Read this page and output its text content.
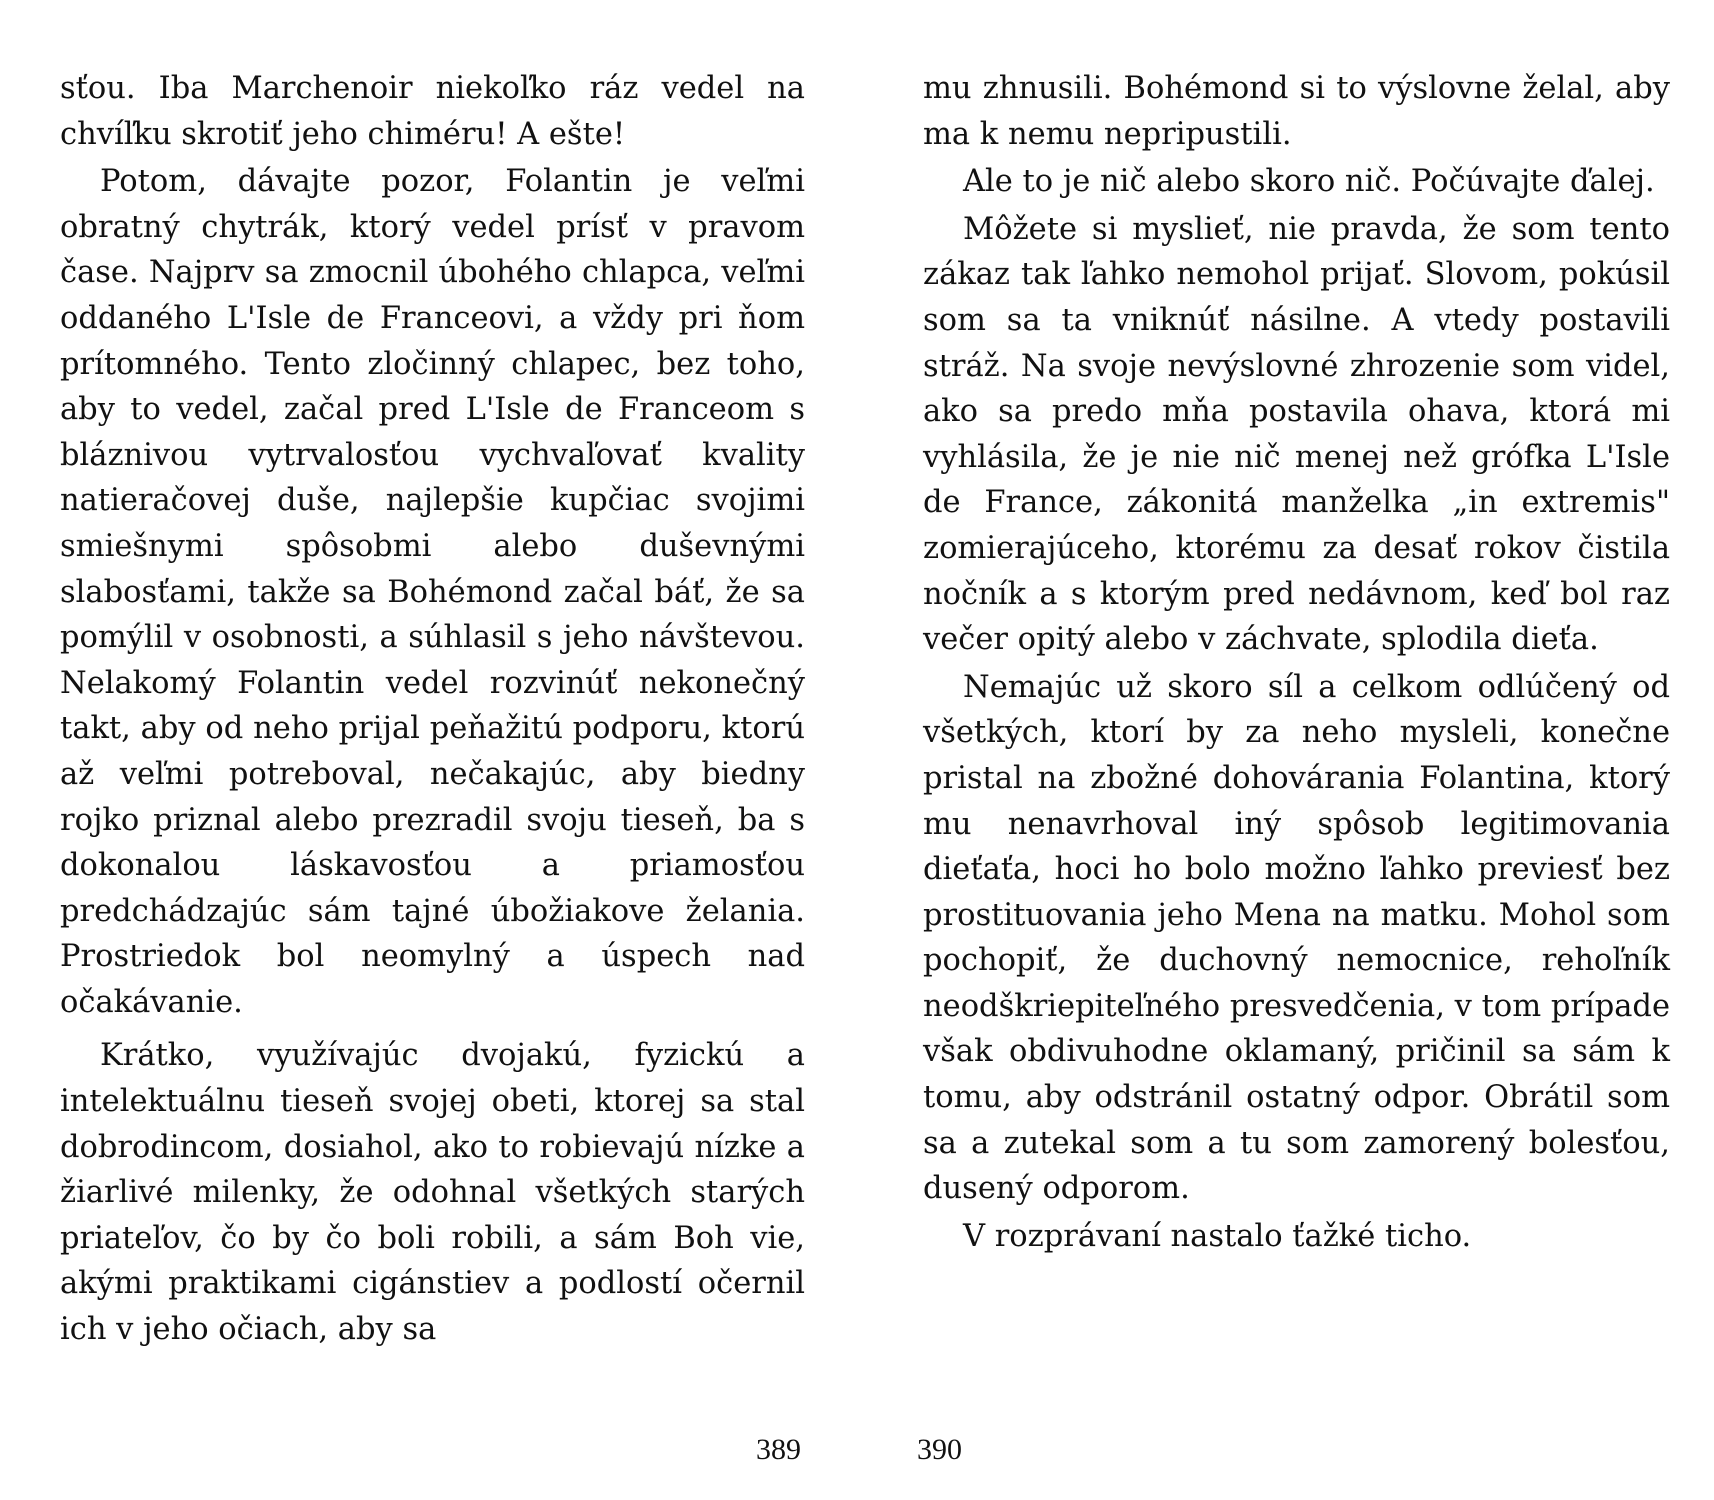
sťou. Iba Marchenoir niekoľko ráz vedel na chvíľku skrotiť jeho chiméru! A ešte!

Potom, dávajte pozor, Folantin je veľmi obratný chytrák, ktorý vedel prísť v pravom čase. Najprv sa zmocnil úbohého chlapca, veľmi oddaného L'Isle de Franceovi, a vždy pri ňom prítomného. Tento zločinný chlapec, bez toho, aby to vedel, začal pred L'Isle de Franceom s bláznivou vytrvalosťou vychvaľovať kvality natieračovej duše, najlepšie kupčiac svojimi smiešnymi spôsobmi alebo duševnými slabosťami, takže sa Bohémond začal báť, že sa pomýlil v osobnosti, a súhlasil s jeho návštevou. Nelakomý Folantin vedel rozvinúť nekonečný takt, aby od neho prijal peňažitú podporu, ktorú až veľmi potreboval, nečakajúc, aby biedny rojko priznal alebo prezradil svoju tieseň, ba s dokonalou láskavosťou a priamosťou predchádzajúc sám tajné úbožiakove želania. Prostriedok bol neomylný a úspech nad očakávanie.

Krátko, využívajúc dvojakú, fyzickú a intelektuálnu tieseň svojej obeti, ktorej sa stal dobrodincom, dosiahol, ako to robievajú nízke a žiarlivé milenky, že odohnal všetkých starých priateľov, čo by čo boli robili, a sám Boh vie, akými praktikami cigánstiev a podlostí očernil ich v jeho očiach, aby sa

389

mu zhnusili. Bohémond si to výslovne želal, aby ma k nemu nepripustili.

Ale to je nič alebo skoro nič. Počúvajte ďalej.

Môžete si myslieť, nie pravda, že som tento zákaz tak ľahko nemohol prijať. Slovom, pokúsil som sa ta vniknúť násilne. A vtedy postavili stráž. Na svoje nevýslovné zhrozenie som videl, ako sa predo mňa postavila ohava, ktorá mi vyhlásila, že je nie nič menej než grófka L'Isle de France, zákonitá manželka „in extremis" zomierajúceho, ktorému za desať rokov čistila nočník a s ktorým pred nedávnom, keď bol raz večer opitý alebo v záchvate, splodila dieťa.

Nemajúc už skoro síl a celkom odlúčený od všetkých, ktorí by za neho mysleli, konečne pristal na zbožné dohovárania Folantina, ktorý mu nenavrhoval iný spôsob legitimovania dieťaťa, hoci ho bolo možno ľahko previesť bez prostituovania jeho Mena na matku. Mohol som pochopiť, že duchovný nemocnice, rehoľník neodškriepiteľného presvedčenia, v tom prípade však obdivuhodne oklamaný, pričinil sa sám k tomu, aby odstránil ostatný odpor. Obrátil som sa a zutekal som a tu som zamorený bolesťou, dusený odporom.

V rozprávaní nastalo ťažké ticho.

390
